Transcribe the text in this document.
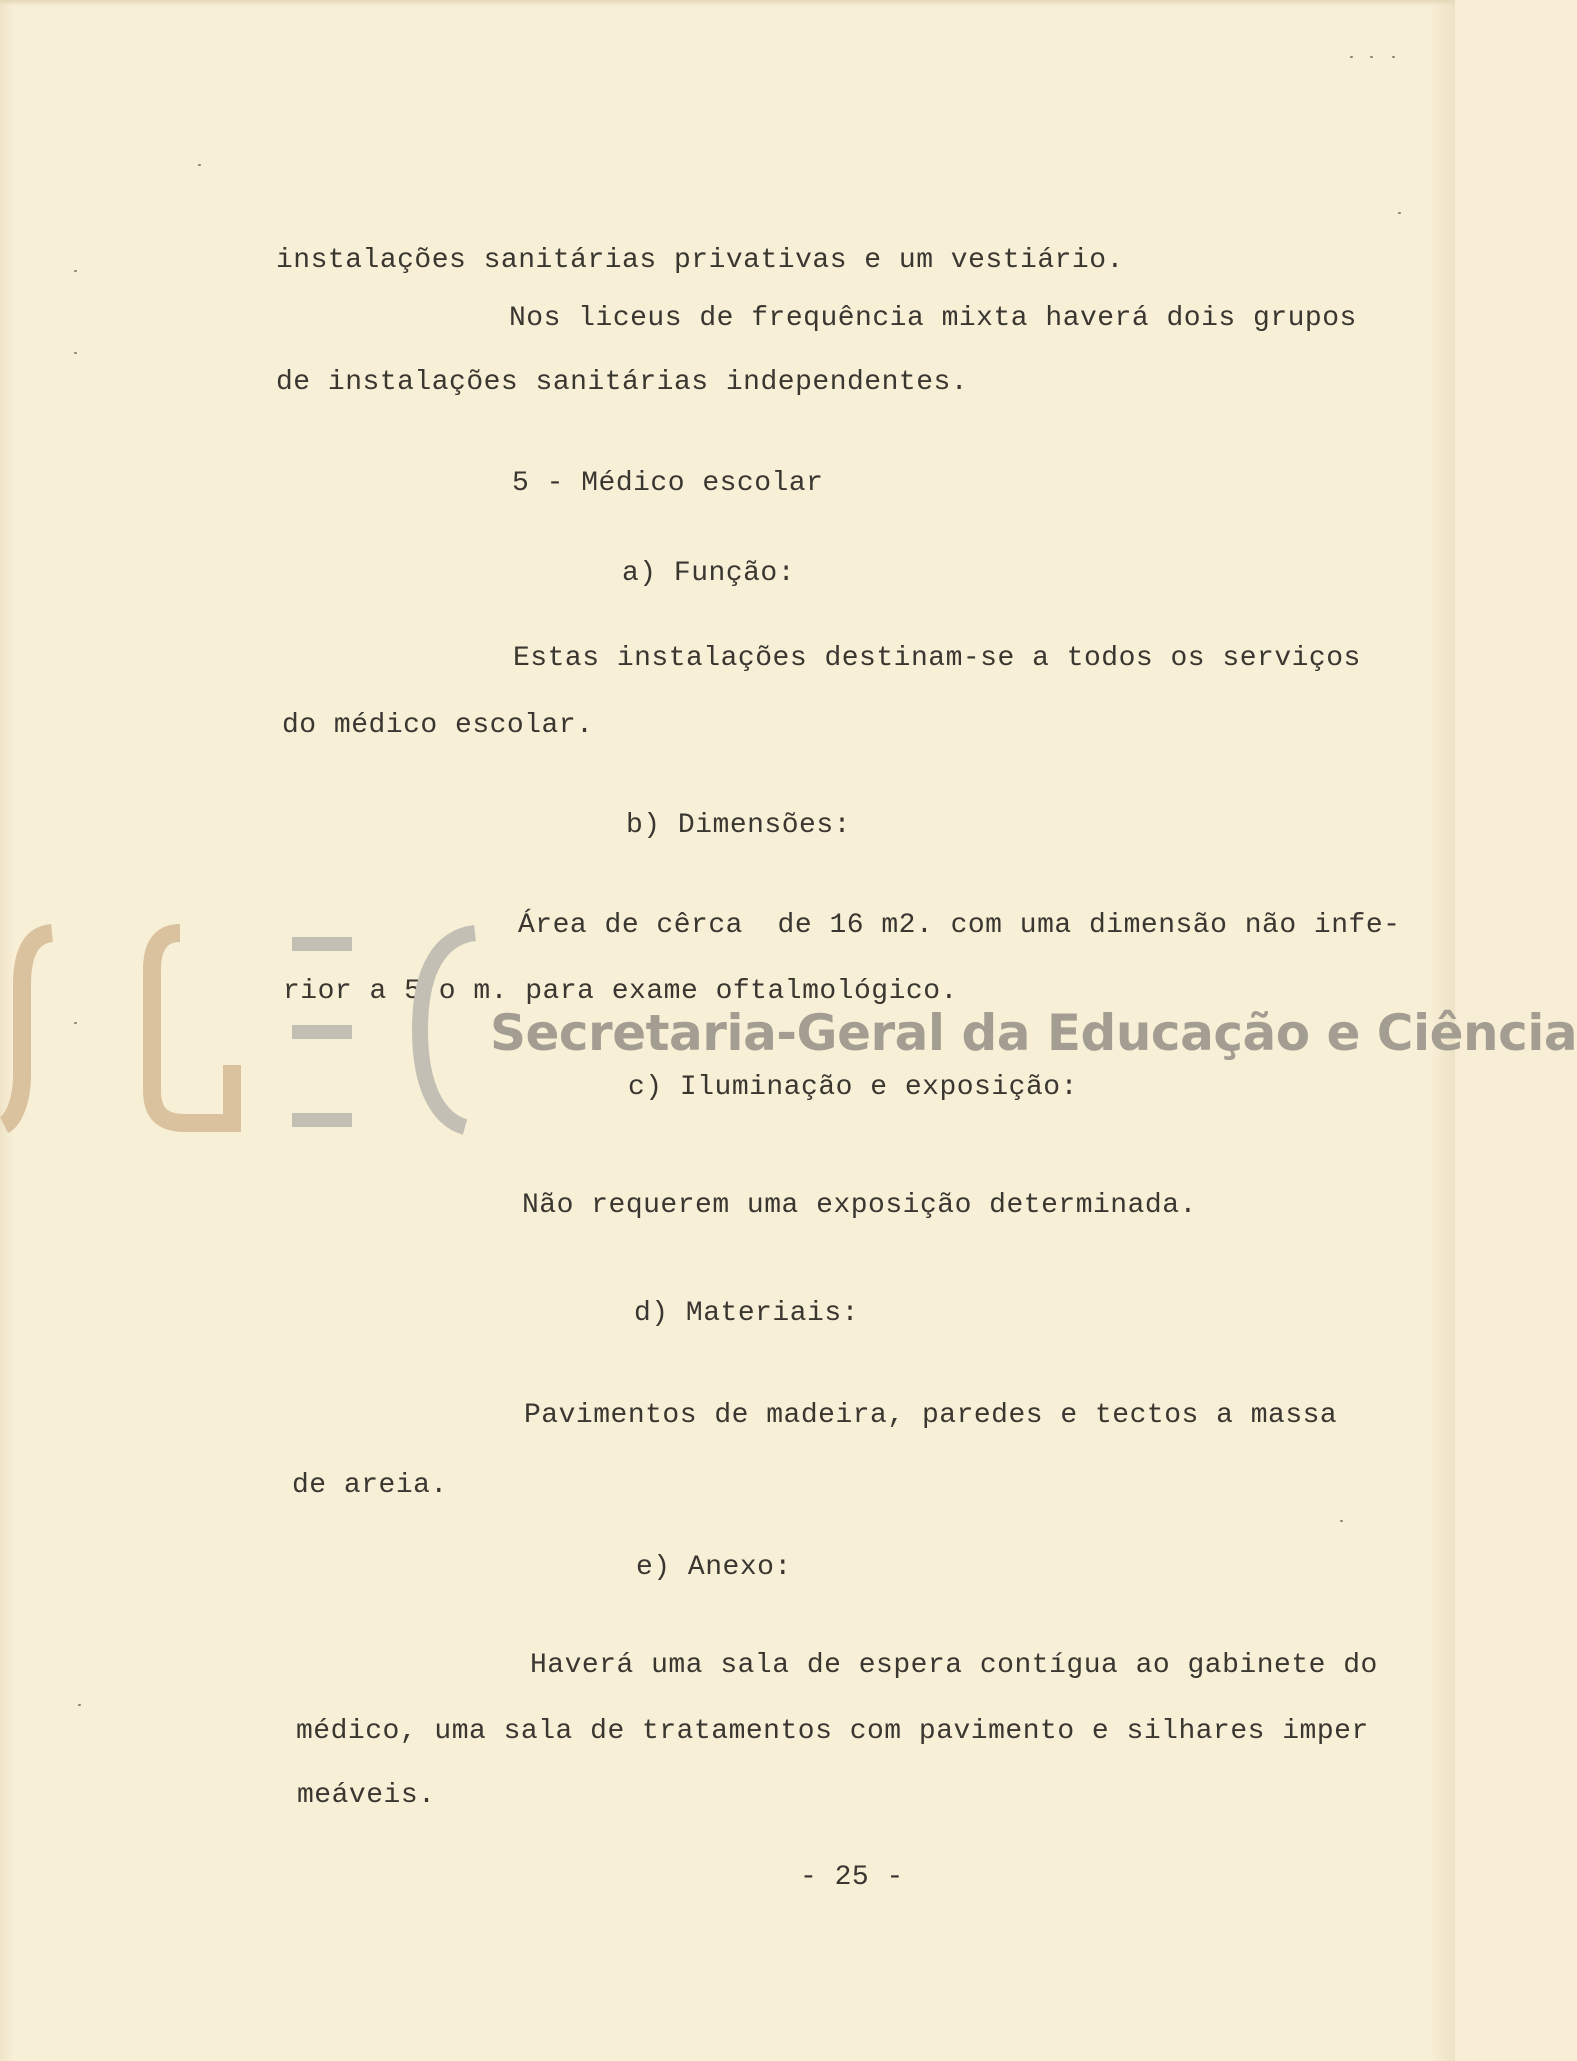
instalações sanitárias privativas e um vestiário.
Nos liceus de frequência mixta haverá dois grupos
de instalações sanitárias independentes.
5 - Médico escolar
a) Função:
Estas instalações destinam-se a todos os serviços
do médico escolar.
b) Dimensões:
Área de cêrca  de 16 m2. com uma dimensão não infe-
rior a 5,o m. para exame oftalmológico.
Secretaria-Geral da Educação e Ciência
c) Iluminação e exposição:
Não requerem uma exposição determinada.
d) Materiais:
Pavimentos de madeira, paredes e tectos a massa
de areia.
e) Anexo:
Haverá uma sala de espera contígua ao gabinete do
médico, uma sala de tratamentos com pavimento e silhares imper
meáveis.
- 25 -
